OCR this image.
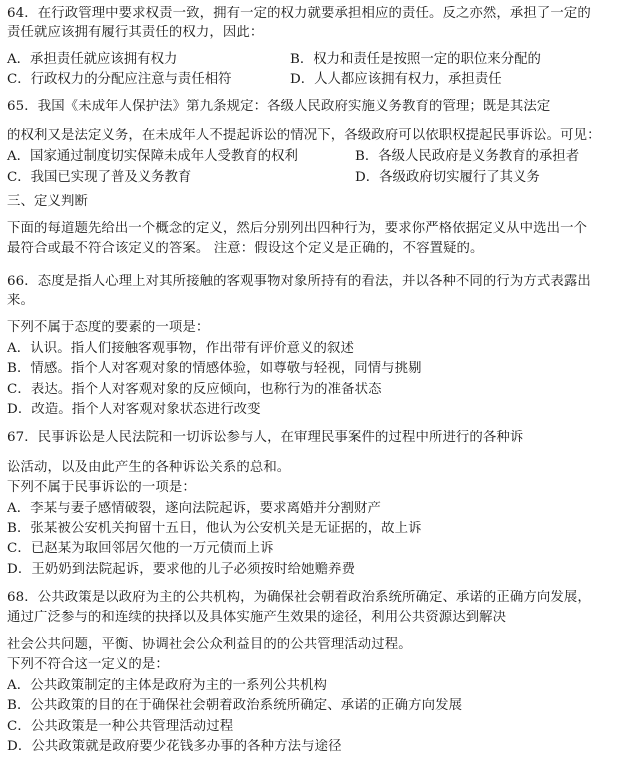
64．在行政管理中要求权责一致，拥有一定的权力就要承担相应的责任。反之亦然，承担了一定的
责任就应该拥有履行其责任的权力，因此：
A．承担责任就应该拥有权力	B．权力和责任是按照一定的职位来分配的
C．行政权力的分配应注意与责任相符	D．人人都应该拥有权力，承担责任
65．我国《未成年人保护法》第九条规定：各级人民政府实施义务教育的管理；既是其法定
的权利又是法定义务，在未成年人不提起诉讼的情况下，各级政府可以依职权提起民事诉讼。可见：
A．国家通过制度切实保障未成年人受教育的权利	B．各级人民政府是义务教育的承担者
C．我国已实现了普及义务教育	D．各级政府切实履行了其义务
三、定义判断
下面的每道题先给出一个概念的定义，然后分别列出四种行为，要求你严格依据定义从中选出一个
最符合或最不符合该定义的答案。 注意：假设这个定义是正确的，不容置疑的。
66．态度是指人心理上对其所接触的客观事物对象所持有的看法，并以各种不同的行为方式表露出
来。
下列不属于态度的要素的一项是：
A．认识。指人们接触客观事物，作出带有评价意义的叙述
B．情感。指个人对客观对象的情感体验，如尊敬与轻视，同情与挑剔
C．表达。指个人对客观对象的反应倾向，也称行为的准备状态
D．改造。指个人对客观对象状态进行改变
67．民事诉讼是人民法院和一切诉讼参与人，在审理民事案件的过程中所进行的各种诉
讼活动，以及由此产生的各种诉讼关系的总和。
下列不属于民事诉讼的一项是：
A．李某与妻子感情破裂，遂向法院起诉，要求离婚并分割财产
B．张某被公安机关拘留十五日，他认为公安机关是无证据的，故上诉
C．已赵某为取回邻居欠他的一万元债而上诉
D．王奶奶到法院起诉，要求他的儿子必须按时给她赡养费
68．公共政策是以政府为主的公共机构，为确保社会朝着政治系统所确定、承诺的正确方向发展，
通过广泛参与的和连续的抉择以及具体实施产生效果的途径，利用公共资源达到解决
社会公共问题，平衡、协调社会公众利益目的的公共管理活动过程。
下列不符合这一定义的是：
A．公共政策制定的主体是政府为主的一系列公共机构
B．公共政策的目的在于确保社会朝着政治系统所确定、承诺的正确方向发展
C．公共政策是一种公共管理活动过程
D．公共政策就是政府要少花钱多办事的各种方法与途径
